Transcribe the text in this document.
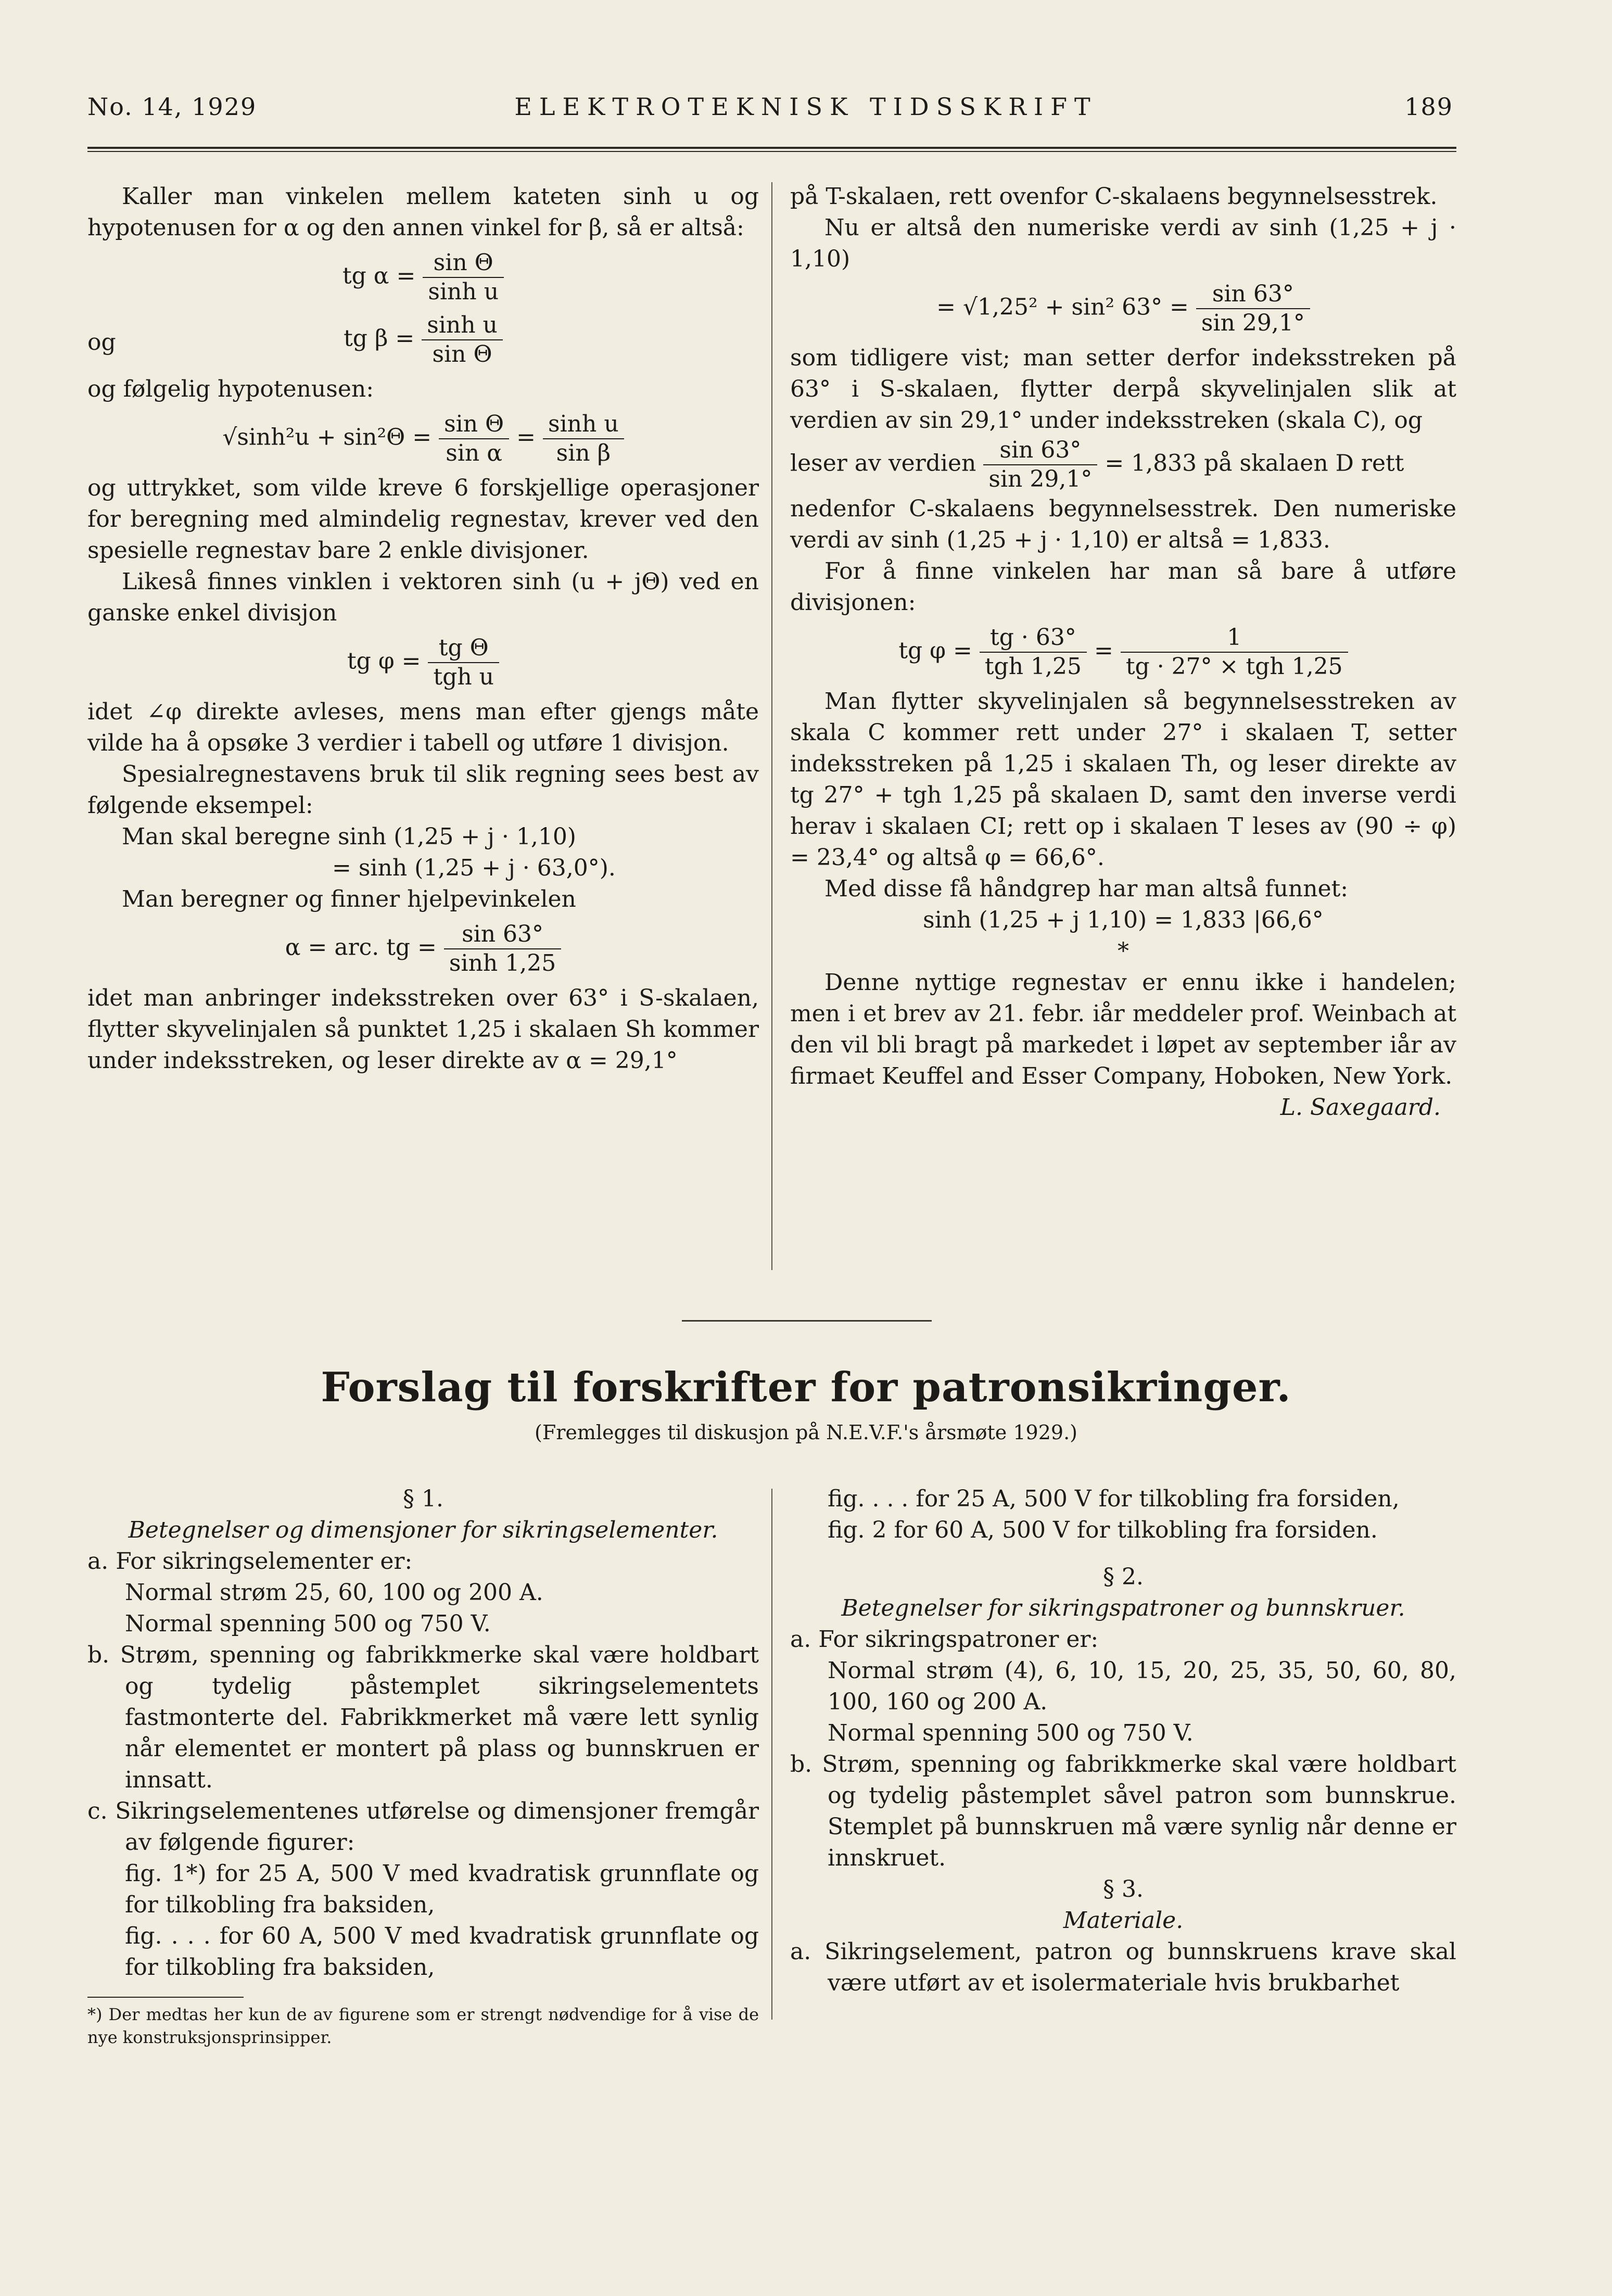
No. 14, 1929	ELEKTROTEKNISK TIDSSKRIFT	189

Kaller man vinkelen mellem kateten sinh u og hypotenusen for α og den annen vinkel for β, så er altså:

tg $\alpha = \frac{\text{sin Θ}}{\text{sinh u}}$
og	tg $\beta = \frac{\text{sinh u}}{\text{sin Θ}}$

og følgelig hypotenusen:

$√\sinh^2u + \sin^2\Theta = \frac{\text{sin Θ}}{\text{sin α}} = \frac{\text{sinh u}}{\text{sin β}}$

og uttrykket, som vilde kreve 6 forskjellige operasjoner for beregning med almindelig regnestav, krever ved den spesielle regnestav bare 2 enkle divisjoner.

Likeså finnes vinklen i vektoren sinh (u + jΘ) ved en ganske enkel divisjon

tg $\varphi = \frac{\text{tg Θ}}{\text{tgh u}}$

idet ∠φ direkte avleses, mens man efter gjengs måte vilde ha å opsøke 3 verdier i tabell og utføre 1 divisjon.

Spesialregnestavens bruk til slik regning sees best av følgende eksempel:

Man skal beregne sinh (1,25 + j · 1,10)

= sinh (1,25 + j · 63,0°).

Man beregner og finner hjelpevinkelen

α = arc. tg = $\frac{\sin 63^\circ}{\sinh 1,25}$

idet man anbringer indeksstreken over 63° i S-skalaen, flytter skyvelinjalen så punktet 1,25 i skalaen Sh kommer under indeksstreken, og leser direkte av α = 29,1°

på T-skalaen, rett ovenfor C-skalaens begynnelsesstrek.

Nu er altså den numeriske verdi av sinh (1,25 + j · 1,10)

= √1,25² + sin² $63^\circ = \frac{\sin 63^\circ}{\sin 29,1^\circ}$

som tidligere vist; man setter derfor indeksstreken på 63° i S-skalaen, flytter derpå skyvelinjalen slik at verdien av sin 29,1° under indeksstreken (skala C), og

leser av verdien $\frac{\sin 63^\circ}{\sin 29,1^\circ} = 1,833$ på skalaen D rett

nedenfor C-skalaens begynnelsesstrek. Den numeriske verdi av sinh (1,25 + j · 1,10) er altså = 1,833.

For å finne vinkelen har man så bare å utføre divisjonen:

tg $\varphi = \frac{tg \cdot 63^\circ}{\text{tgh 1,25}} = \frac{1}{\text{tg · 27° × tgh 1,25}}$

Man flytter skyvelinjalen så begynnelsesstreken av skala C kommer rett under 27° i skalaen T, setter indeksstreken på 1,25 i skalaen Th, og leser direkte av tg 27° + tgh 1,25 på skalaen D, samt den inverse verdi herav i skalaen CI; rett op i skalaen T leses av (90 ÷ φ) = 23,4° og altså φ = 66,6°.

Med disse få håndgrep har man altså funnet:

sinh (1,25 + j 1,10) = 1,833 |66,6°

*

Denne nyttige regnestav er ennu ikke i handelen; men i et brev av 21. febr. iår meddeler prof. Weinbach at den vil bli bragt på markedet i løpet av september iår av firmaet Keuffel and Esser Company, Hoboken, New York.

L. Saxegaard.

Forslag til forskrifter for patronsikringer.
(Fremlegges til diskusjon på N.E.V.F.'s årsmøte 1929.)

§ 1.

Betegnelser og dimensjoner for sikringselementer.

a. For sikringselementer er:

Normal strøm 25, 60, 100 og 200 A.

Normal spenning 500 og 750 V.

b. Strøm, spenning og fabrikkmerke skal være holdbart og tydelig påstemplet sikringselementets fastmonterte del. Fabrikkmerket må være lett synlig når elementet er montert på plass og bunnskruen er innsatt.

c. Sikringselementenes utførelse og dimensjoner fremgår av følgende figurer:

fig. 1*) for 25 A, 500 V med kvadratisk grunnflate og for tilkobling fra baksiden,

fig. . . . for 60 A, 500 V med kvadratisk grunnflate og for tilkobling fra baksiden,

*) Der medtas her kun de av figurene som er strengt nødvendige for å vise de nye konstruksjonsprinsipper.

fig. . . . for 25 A, 500 V for tilkobling fra forsiden,

fig. 2 for 60 A, 500 V for tilkobling fra forsiden.

§ 2.

Betegnelser for sikringspatroner og bunnskruer.

a. For sikringspatroner er:

Normal strøm (4), 6, 10, 15, 20, 25, 35, 50, 60, 80, 100, 160 og 200 A.

Normal spenning 500 og 750 V.

b. Strøm, spenning og fabrikkmerke skal være holdbart og tydelig påstemplet såvel patron som bunnskrue. Stemplet på bunnskruen må være synlig når denne er innskruet.

§ 3.

Materiale.

a. Sikringselement, patron og bunnskruens krave skal være utført av et isolermateriale hvis brukbarhet
